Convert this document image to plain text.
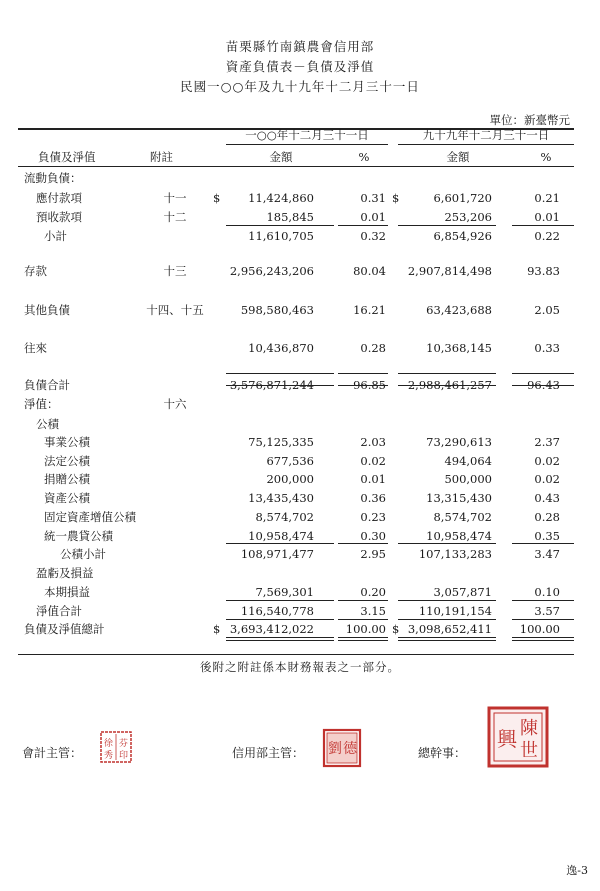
苗栗縣竹南鎮農會信用部
資產負債表－負債及淨值
民國一○○年及九十九年十二月三十一日
單位：新臺幣元
一○○年十二月三十一日	九十九年十二月三十一日
負債及淨值	附註	金額	%	金額	%
流動負債：
應付款項	十一	$	11,424,860	0.31 $	6,601,720	0.21
預收款項	十二	185,845	0.01	253,206	0.01
小計	11,610,705	0.32	6,854,926	0.22
存款	十三	2,956,243,206	80.04	2,907,814,498	93.83
其他負債	十四、十五	598,580,463	16.21	63,423,688	2.05
往來	10,436,870	0.28	10,368,145	0.33
負債合計	3,576,871,244	96.85	2,988,461,257	96.43
淨值：	十六
公積
事業公積	75,125,335	2.03	73,290,613	2.37
法定公積	677,536	0.02	494,064	0.02
捐贈公積	200,000	0.01	500,000	0.02
資產公積	13,435,430	0.36	13,315,430	0.43
固定資產增值公積	8,574,702	0.23	8,574,702	0.28
統一農貸公積	10,958,474	0.30	10,958,474	0.35
公積小計	108,971,477	2.95	107,133,283	3.47
盈虧及損益
本期損益	7,569,301	0.20	3,057,871	0.10
淨值合計	116,540,778	3.15	110,191,154	3.57
負債及淨值總計	$ 3,693,412,022	100.00 $ 3,098,652,411	100.00
後附之附註係本財務報表之一部分。
會計主管：	信用部主管：	總幹事：
徐
秀
芬
印	劉 德
陳
世
興
逸-3
